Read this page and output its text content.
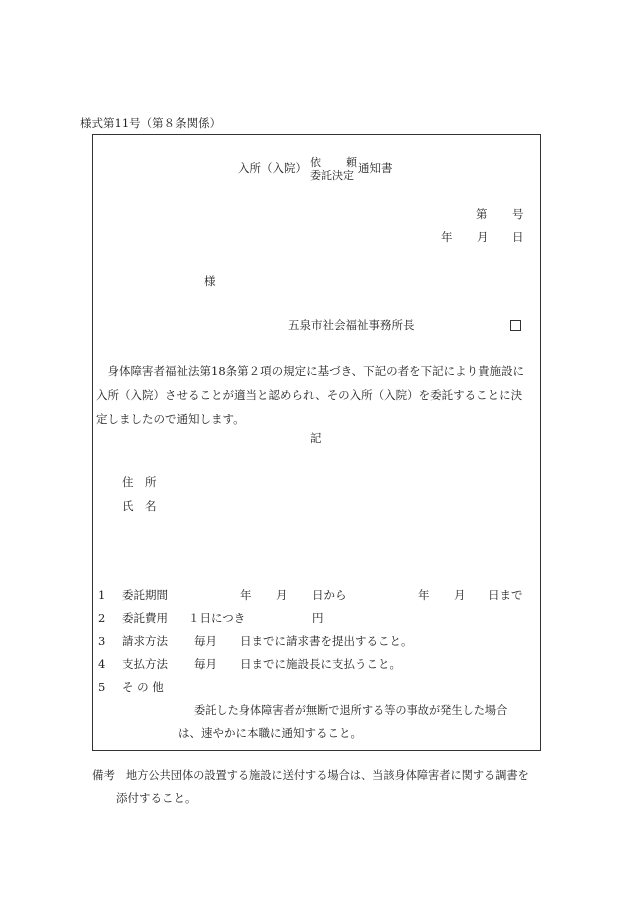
様式第11号（第８条関係）
入所（入院） 依 頼
委託決定
通知書
第 号
年 月 日
様
五泉市社会福祉事務所長
　身体障害者福祉法第18条第２項の規定に基づき、下記の者を下記により貴施設に
入所（入院）させることが適当と認められ、その入所（入院）を委託することに決
定しましたので通知します。
記
住　所
氏　名
1 委託期間	年 月 日から	年 月 日まで
2 委託費用 １日につき	円
3 請求方法 毎月 日までに請求書を提出すること。
4 支払方法 毎月 日までに施設長に支払うこと。
5 そ の 他
委託した身体障害者が無断で退所する等の事故が発生した場合
は、速やかに本職に通知すること。
備考 地方公共団体の設置する施設に送付する場合は、当該身体障害者に関する調書を
添付すること。
